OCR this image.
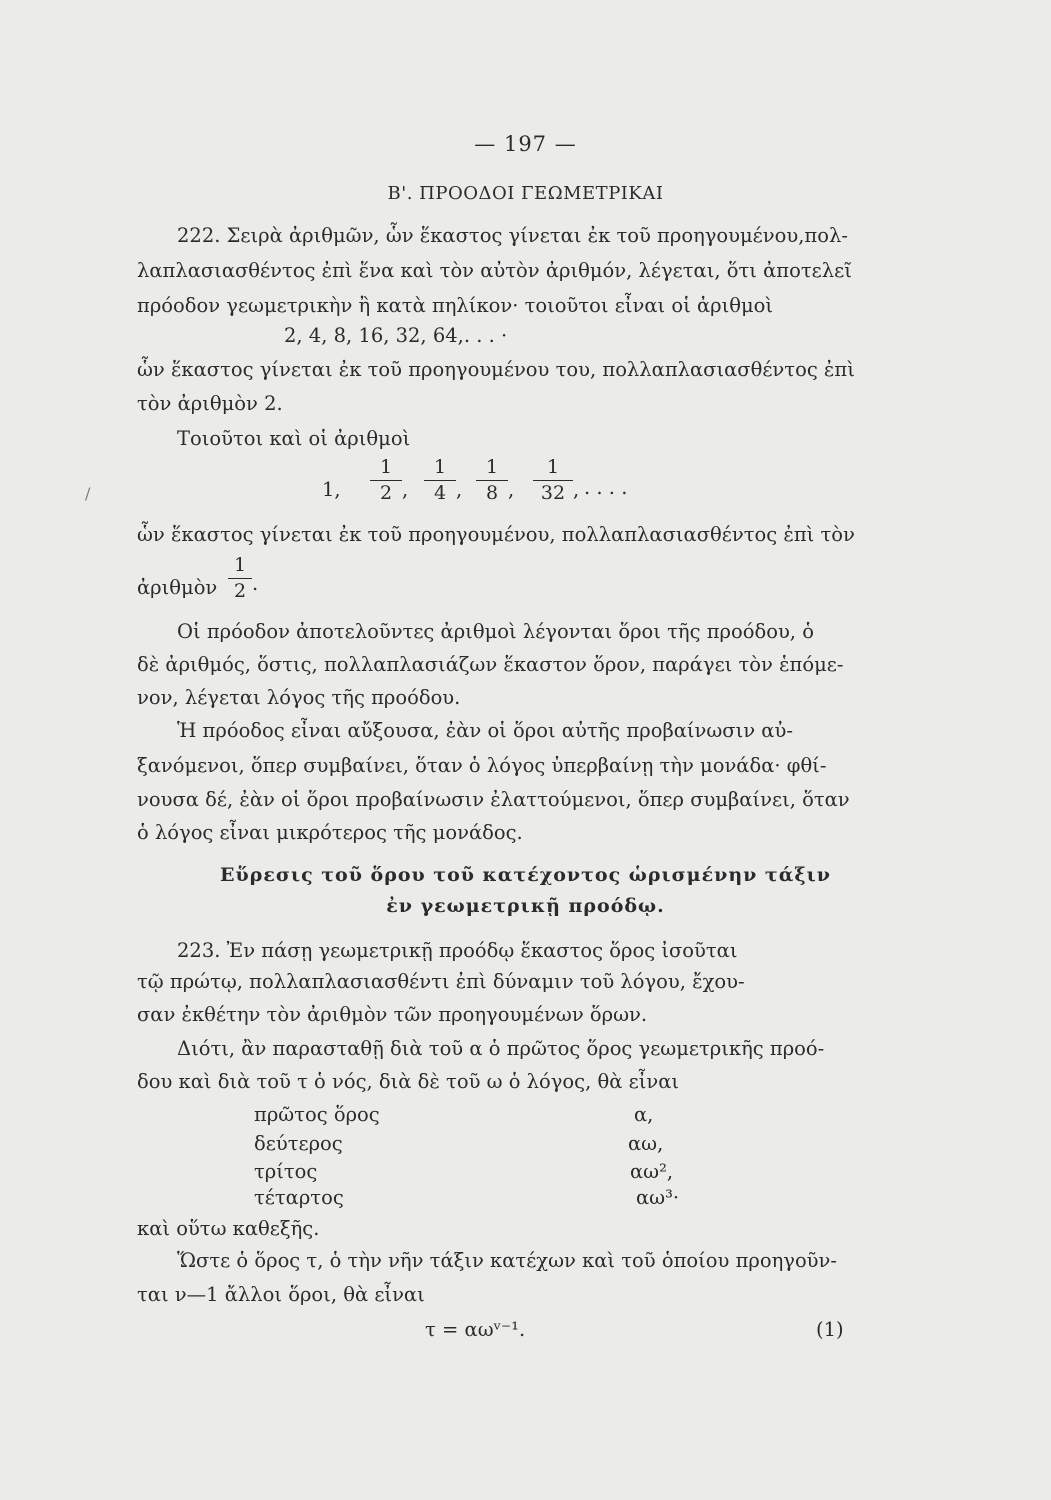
— 197 —
B'. ΠΡΟΟΔΟΙ ΓΕΩΜΕΤΡΙΚΑΙ
222. Σειρὰ ἀριθμῶν, ὧν ἕκαστος γίνεται ἐκ τοῦ προηγουμένου,πολ-
λαπλασιασθέντος ἐπὶ ἕνα καὶ τὸν αὐτὸν ἀριθμόν, λέγεται, ὅτι ἀποτελεῖ
πρόοδον γεωμετρικὴν ἢ κατὰ πηλίκον· τοιοῦτοι εἶναι οἱ ἀριθμοὶ
2, 4, 8, 16, 32, 64,. . . ·
ὧν ἕκαστος γίνεται ἐκ τοῦ προηγουμένου του, πολλαπλασιασθέντος ἐπὶ
τὸν ἀριθμὸν 2.
Τοιοῦτοι καὶ οἱ ἀριθμοὶ
1,
1
2 ,
1
4 ,
1
8 ,
1
32 , . . . .
ὧν ἕκαστος γίνεται ἐκ τοῦ προηγουμένου, πολλαπλασιασθέντος ἐπὶ τὸν
ἀριθμὸν
1
2 .
Οἱ πρόοδον ἀποτελοῦντες ἀριθμοὶ λέγονται ὅροι τῆς προόδου, ὁ
δὲ ἀριθμός, ὅστις, πολλαπλασιάζων ἕκαστον ὅρον, παράγει τὸν ἑπόμε-
νον, λέγεται λόγος τῆς προόδου.
Ἡ πρόοδος εἶναι αὔξουσα, ἐὰν οἱ ὅροι αὐτῆς προβαίνωσιν αὐ-
ξανόμενοι, ὅπερ συμβαίνει, ὅταν ὁ λόγος ὑπερβαίνῃ τὴν μονάδα· φθί-
νουσα δέ, ἐὰν οἱ ὅροι προβαίνωσιν ἐλαττούμενοι, ὅπερ συμβαίνει, ὅταν
ὁ λόγος εἶναι μικρότερος τῆς μονάδος.
Εὕρεσις τοῦ ὅρου τοῦ κατέχοντος ὡρισμένην τάξιν
ἐν γεωμετρικῇ προόδῳ.
223. Ἐν πάσῃ γεωμετρικῇ προόδῳ ἕκαστος ὅρος ἰσοῦται
τῷ πρώτῳ, πολλαπλασιασθέντι ἐπὶ δύναμιν τοῦ λόγου, ἔχου-
σαν ἐκθέτην τὸν ἀριθμὸν τῶν προηγουμένων ὅρων.
Διότι, ἂν παρασταθῇ διὰ τοῦ α ὁ πρῶτος ὅρος γεωμετρικῆς προό-
δου καὶ διὰ τοῦ τ ὁ νός, διὰ δὲ τοῦ ω ὁ λόγος, θὰ εἶναι
πρῶτος ὅρος	α,
δεύτερος	αω,
τρίτος	αω²,
τέταρτος	αω³·
καὶ οὕτω καθεξῆς.
Ὥστε ὁ ὅρος τ, ὁ τὴν νῆν τάξιν κατέχων καὶ τοῦ ὁποίου προηγοῦν-
ται ν—1 ἄλλοι ὅροι, θὰ εἶναι
τ = αωᵛ⁻¹.	(1)
/
